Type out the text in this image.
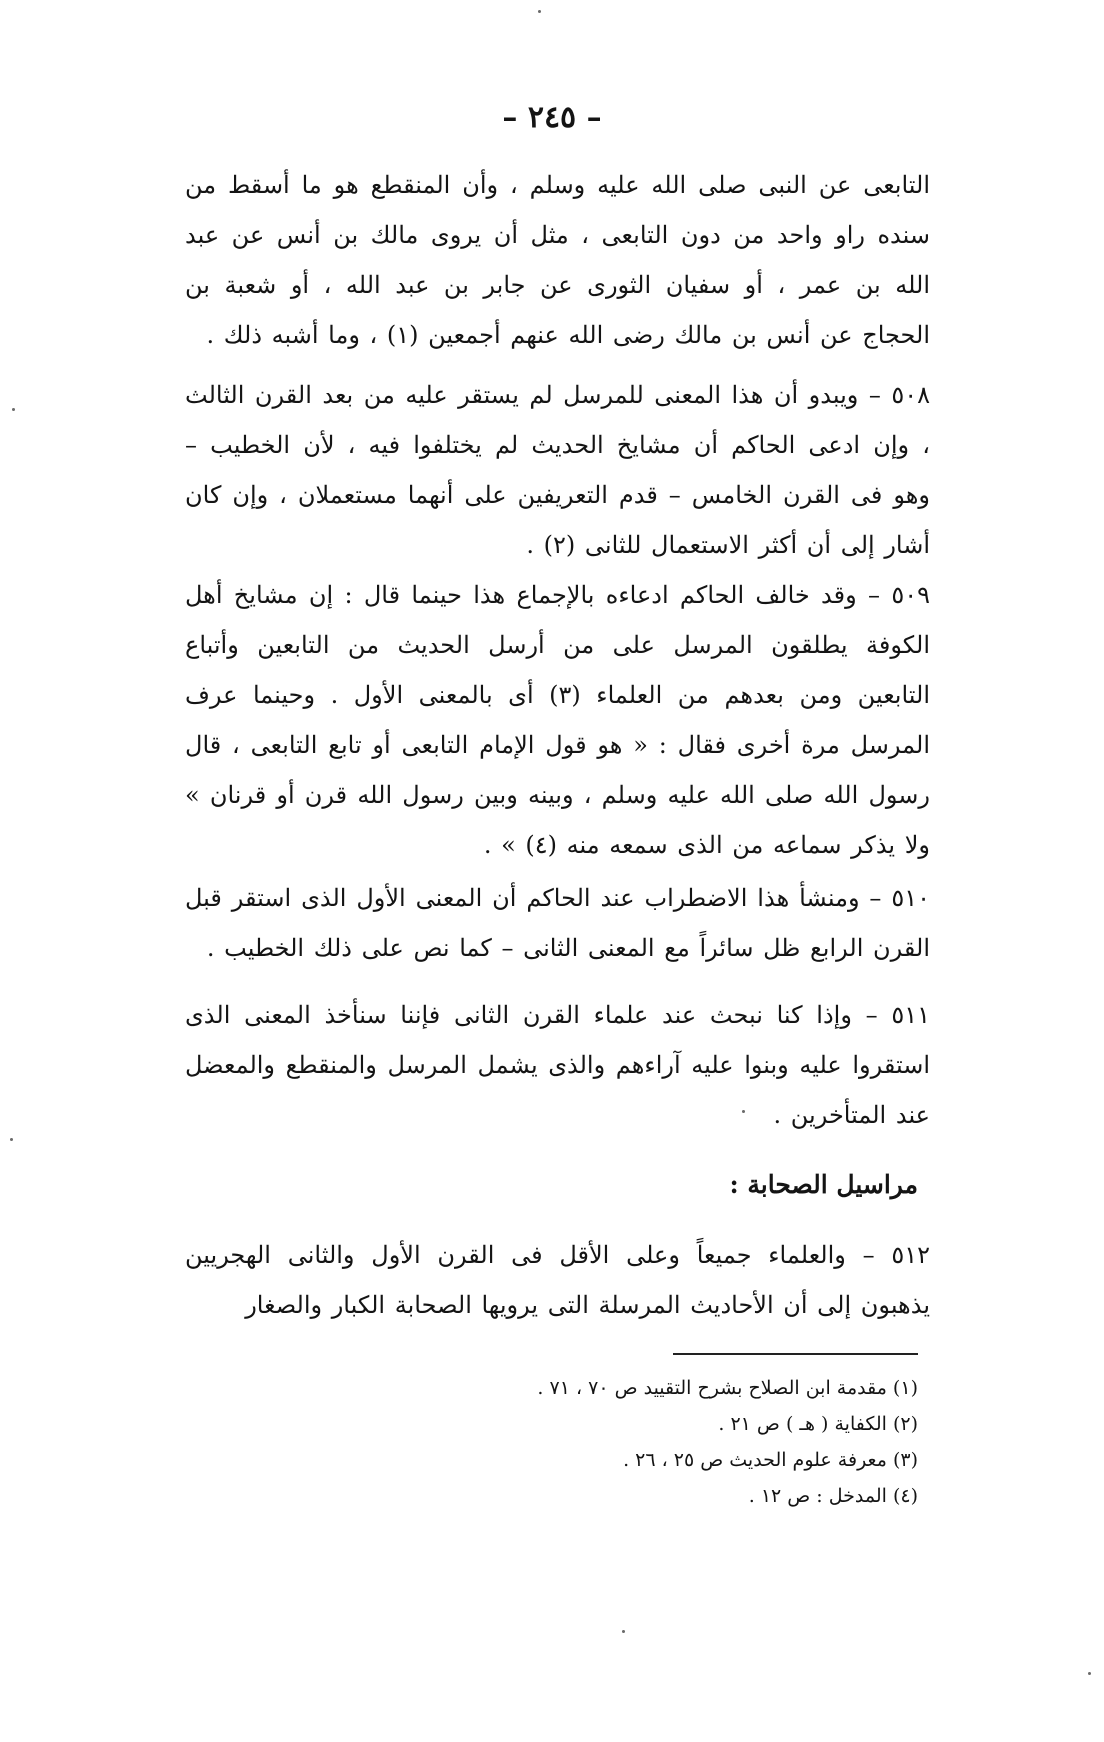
– ٢٤٥ –

التابعى عن النبى صلى الله عليه وسلم ، وأن المنقطع هو ما أسقط من سنده راو واحد من دون التابعى ، مثل أن يروى مالك بن أنس عن عبد الله بن عمر ، أو سفيان الثورى عن جابر بن عبد الله ، أو شعبة بن الحجاج عن أنس بن مالك رضى الله عنهم أجمعين (١) ، وما أشبه ذلك .

٥٠٨ – ويبدو أن هذا المعنى للمرسل لم يستقر عليه من بعد القرن الثالث ، وإن ادعى الحاكم أن مشايخ الحديث لم يختلفوا فيه ، لأن الخطيب – وهو فى القرن الخامس – قدم التعريفين على أنهما مستعملان ، وإن كان أشار إلى أن أكثر الاستعمال للثانى (٢) .

٥٠٩ – وقد خالف الحاكم ادعاءه بالإجماع هذا حينما قال : إن مشايخ أهل الكوفة يطلقون المرسل على من أرسل الحديث من التابعين وأتباع التابعين ومن بعدهم من العلماء (٣) أى بالمعنى الأول . وحينما عرف المرسل مرة أخرى فقال : « هو قول الإمام التابعى أو تابع التابعى ، قال رسول الله صلى الله عليه وسلم ، وبينه وبين رسول الله قرن أو قرنان » ولا يذكر سماعه من الذى سمعه منه (٤) » .

٥١٠ – ومنشأ هذا الاضطراب عند الحاكم أن المعنى الأول الذى استقر قبل القرن الرابع ظل سائراً مع المعنى الثانى – كما نص على ذلك الخطيب .

٥١١ – وإذا كنا نبحث عند علماء القرن الثانى فإننا سنأخذ المعنى الذى استقروا عليه وبنوا عليه آراءهم والذى يشمل المرسل والمنقطع والمعضل عند المتأخرين .

مراسيل الصحابة :

٥١٢ – والعلماء جميعاً وعلى الأقل فى القرن الأول والثانى الهجريين يذهبون إلى أن الأحاديث المرسلة التى يرويها الصحابة الكبار والصغار

(١) مقدمة ابن الصلاح بشرح التقييد ص ٧٠ ، ٧١ .
(٢) الكفاية ( هـ ) ص ٢١ .
(٣) معرفة علوم الحديث ص ٢٥ ، ٢٦ .
(٤) المدخل : ص ١٢ .
